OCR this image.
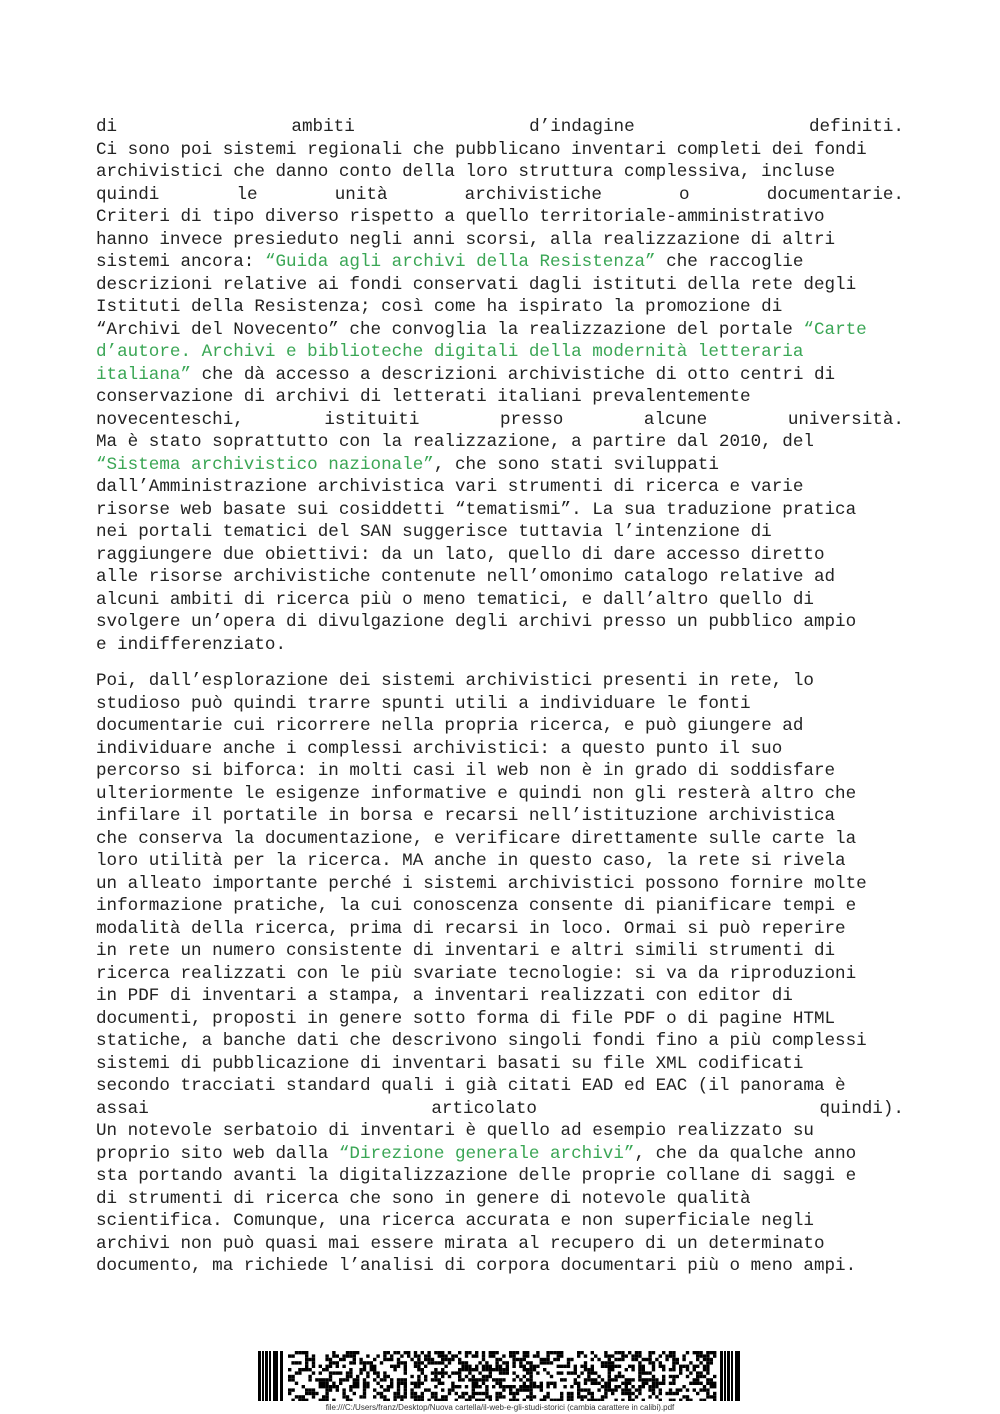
di	ambiti	d’indagine	definiti.
Ci sono poi sistemi regionali che pubblicano inventari completi dei fondi
archivistici che danno conto della loro struttura complessiva, incluse
quindi	le	unità	archivistiche	o	documentarie.
Criteri di tipo diverso rispetto a quello territoriale-amministrativo
hanno invece presieduto negli anni scorsi, alla realizzazione di altri
sistemi ancora: “Guida agli archivi della Resistenza” che raccoglie
descrizioni relative ai fondi conservati dagli istituti della rete degli
Istituti della Resistenza; così come ha ispirato la promozione di
“Archivi del Novecento” che convoglia la realizzazione del portale “Carte
d’autore. Archivi e biblioteche digitali della modernità letteraria
italiana” che dà accesso a descrizioni archivistiche di otto centri di
conservazione di archivi di letterati italiani prevalentemente
novecenteschi,	istituiti	presso	alcune	università.
Ma è stato soprattutto con la realizzazione, a partire dal 2010, del
“Sistema archivistico nazionale”, che sono stati sviluppati
dall’Amministrazione archivistica vari strumenti di ricerca e varie
risorse web basate sui cosiddetti “tematismi”. La sua traduzione pratica
nei portali tematici del SAN suggerisce tuttavia l’intenzione di
raggiungere due obiettivi: da un lato, quello di dare accesso diretto
alle risorse archivistiche contenute nell’omonimo catalogo relative ad
alcuni ambiti di ricerca più o meno tematici, e dall’altro quello di
svolgere un’opera di divulgazione degli archivi presso un pubblico ampio
e indifferenziato.
Poi, dall’esplorazione dei sistemi archivistici presenti in rete, lo
studioso può quindi trarre spunti utili a individuare le fonti
documentarie cui ricorrere nella propria ricerca, e può giungere ad
individuare anche i complessi archivistici: a questo punto il suo
percorso si biforca: in molti casi il web non è in grado di soddisfare
ulteriormente le esigenze informative e quindi non gli resterà altro che
infilare il portatile in borsa e recarsi nell’istituzione archivistica
che conserva la documentazione, e verificare direttamente sulle carte la
loro utilità per la ricerca. MA anche in questo caso, la rete si rivela
un alleato importante perché i sistemi archivistici possono fornire molte
informazione pratiche, la cui conoscenza consente di pianificare tempi e
modalità della ricerca, prima di recarsi in loco. Ormai si può reperire
in rete un numero consistente di inventari e altri simili strumenti di
ricerca realizzati con le più svariate tecnologie: si va da riproduzioni
in PDF di inventari a stampa, a inventari realizzati con editor di
documenti, proposti in genere sotto forma di file PDF o di pagine HTML
statiche, a banche dati che descrivono singoli fondi fino a più complessi
sistemi di pubblicazione di inventari basati su file XML codificati
secondo tracciati standard quali i già citati EAD ed EAC (il panorama è
assai	articolato	quindi).
Un notevole serbatoio di inventari è quello ad esempio realizzato su
proprio sito web dalla “Direzione generale archivi”, che da qualche anno
sta portando avanti la digitalizzazione delle proprie collane di saggi e
di strumenti di ricerca che sono in genere di notevole qualità
scientifica. Comunque, una ricerca accurata e non superficiale negli
archivi non può quasi mai essere mirata al recupero di un determinato
documento, ma richiede l’analisi di corpora documentari più o meno ampi.
file:///C:/Users/franz/Desktop/Nuova cartella/il-web-e-gli-studi-storici (cambia carattere in calibi).pdf
